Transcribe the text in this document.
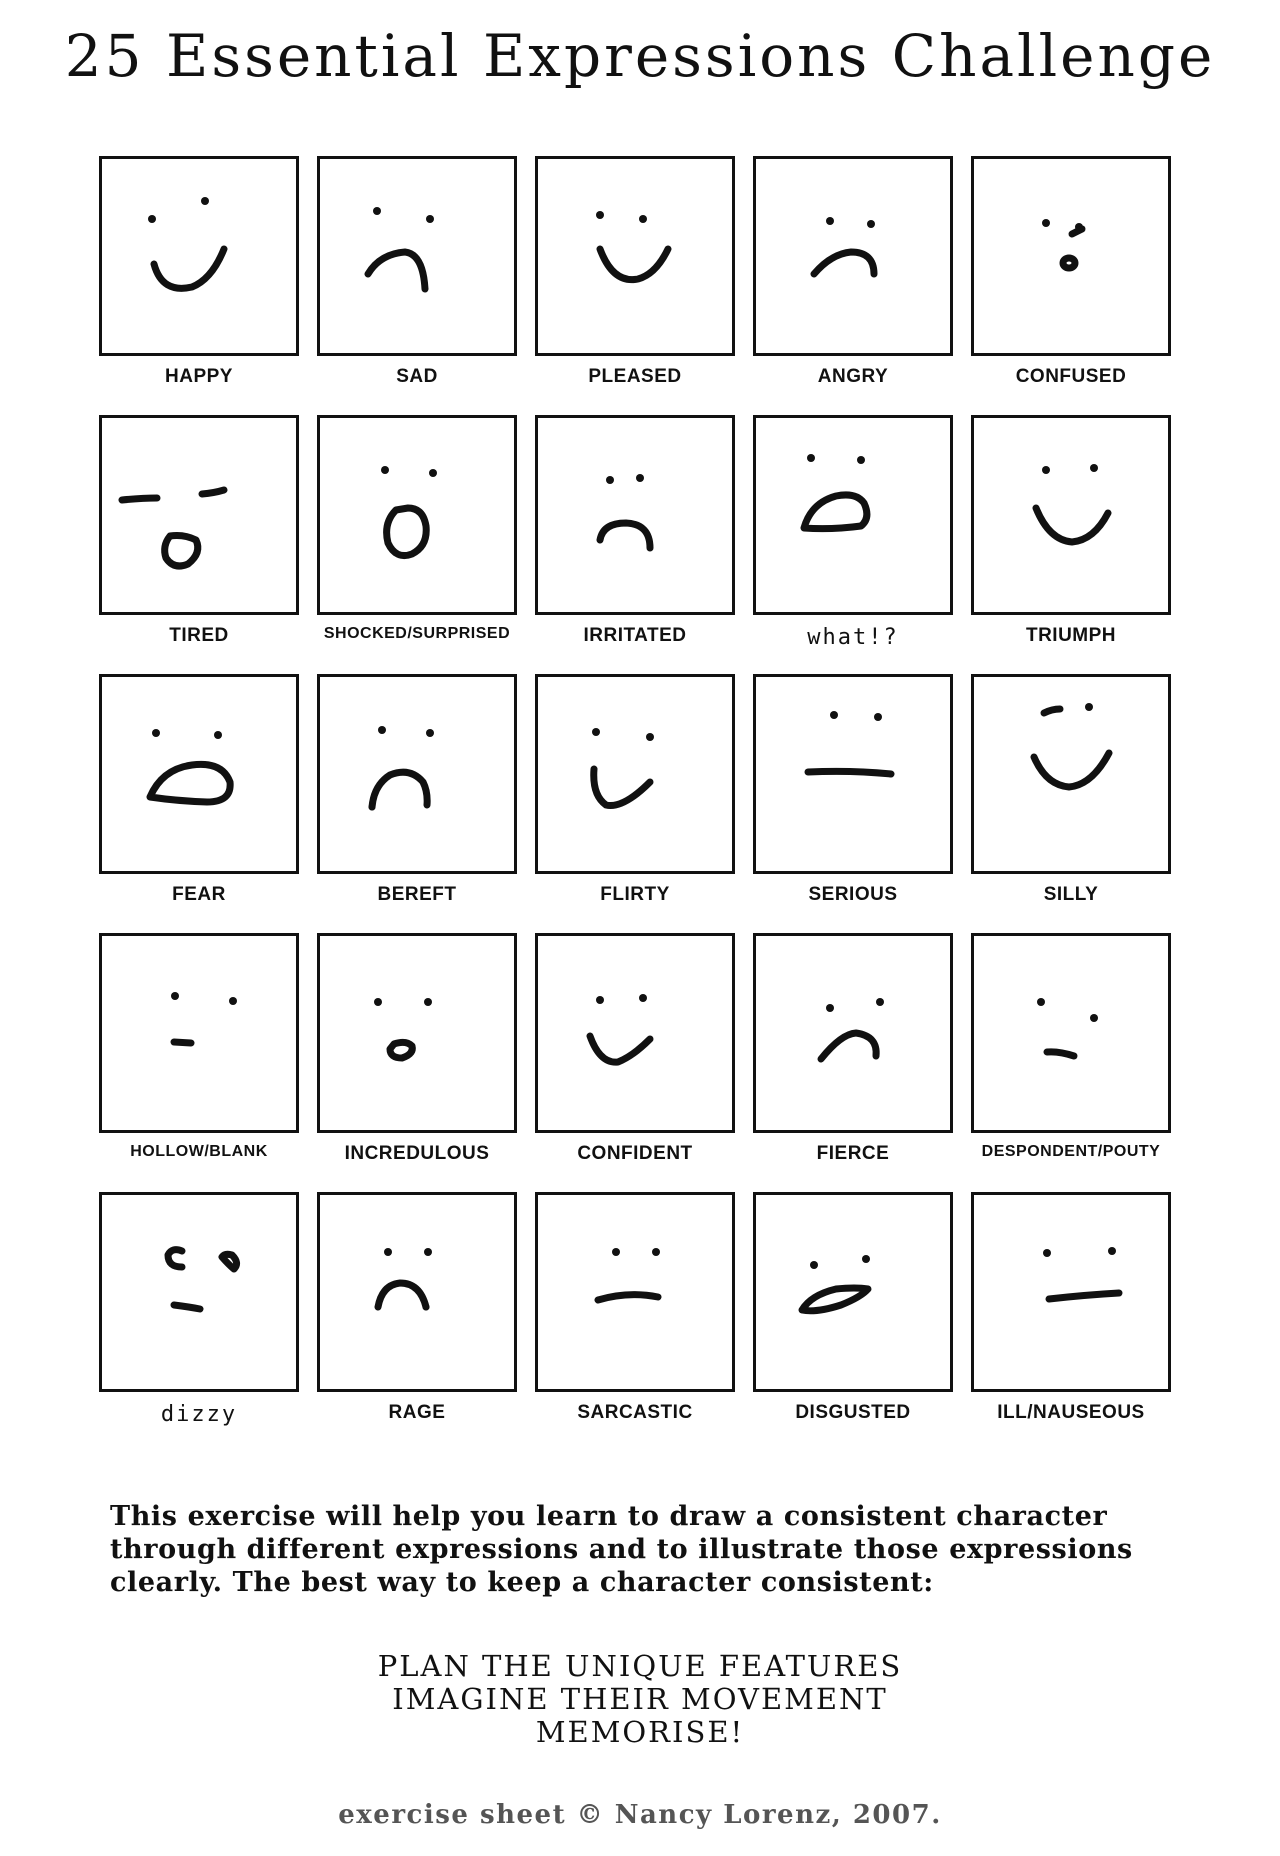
25 Essential Expressions Challenge
HAPPY	SAD	PLEASED	ANGRY	CONFUSED
TIRED	SHOCKED/SURPRISED	IRRITATED	what!?	TRIUMPH
FEAR	BEREFT	FLIRTY	SERIOUS	SILLY
HOLLOW/BLANK	INCREDULOUS	CONFIDENT	FIERCE	DESPONDENT/POUTY
dizzy	RAGE	SARCASTIC	DISGUSTED	ILL/NAUSEOUS
This exercise will help you learn to draw a consistent character through different expressions and to illustrate those expressions clearly. The best way to keep a character consistent:
PLAN THE UNIQUE FEATURES
IMAGINE THEIR MOVEMENT
MEMORISE!
exercise sheet © Nancy Lorenz, 2007.
